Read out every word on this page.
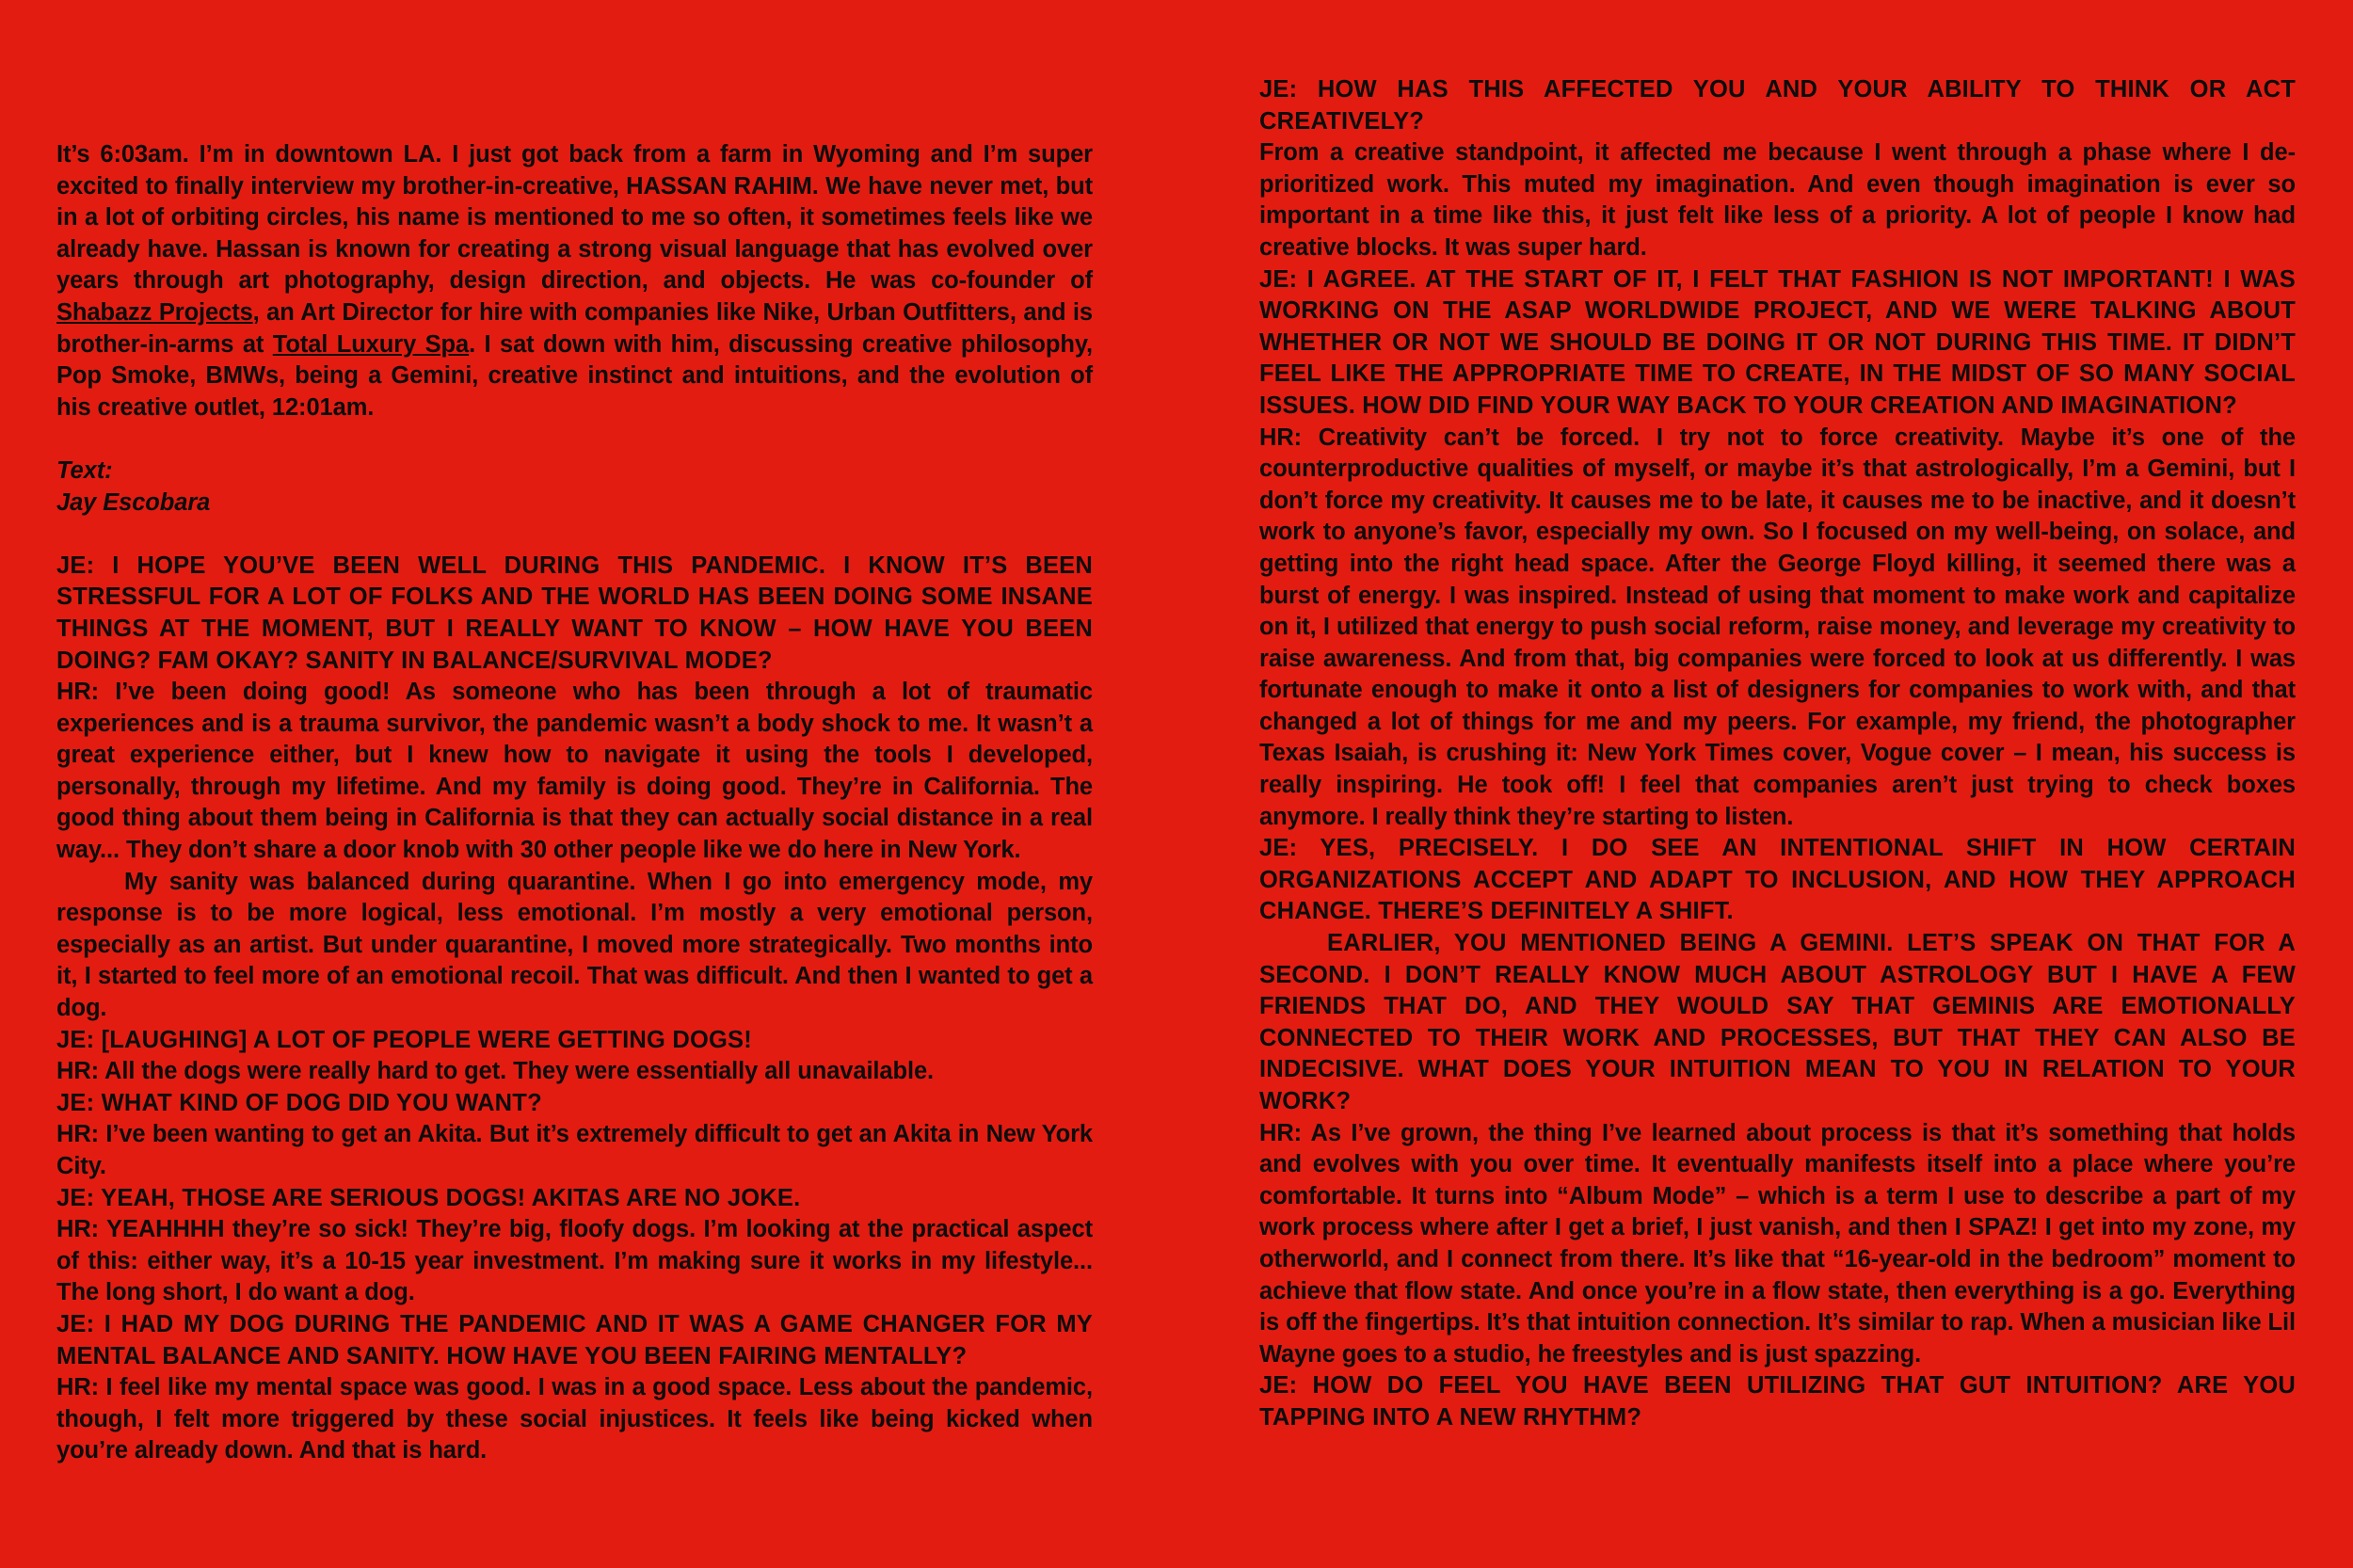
It’s 6:03am. I’m in downtown LA. I just got back from a farm in Wyoming and I’m super excited to finally interview my brother-in-creative, HASSAN RAHIM. We have never met, but in a lot of orbiting circles, his name is mentioned to me so often, it sometimes feels like we already have. Hassan is known for creating a strong visual language that has evolved over years through art photography, design direction, and objects. He was co-founder of Shabazz Projects, an Art Director for hire with companies like Nike, Urban Outfitters, and is brother-in-arms at Total Luxury Spa. I sat down with him, discussing creative philosophy, Pop Smoke, BMWs, being a Gemini, creative instinct and intuitions, and the evolution of his creative outlet, 12:01am.

Text:

Jay Escobara

JE: I HOPE YOU’VE BEEN WELL DURING THIS PANDEMIC. I KNOW IT’S BEEN STRESSFUL FOR A LOT OF FOLKS AND THE WORLD HAS BEEN DOING SOME INSANE THINGS AT THE MOMENT, BUT I REALLY WANT TO KNOW – HOW HAVE YOU BEEN DOING? FAM OKAY? SANITY IN BALANCE/SURVIVAL MODE?

HR: I’ve been doing good! As someone who has been through a lot of traumatic experiences and is a trauma survivor, the pandemic wasn’t a body shock to me. It wasn’t a great experience either, but I knew how to navigate it using the tools I developed, personally, through my lifetime. And my family is doing good. They’re in California. The good thing about them being in California is that they can actually social distance in a real way... They don’t share a door knob with 30 other people like we do here in New York.

My sanity was balanced during quarantine. When I go into emergency mode, my response is to be more logical, less emotional. I’m mostly a very emotional person, especially as an artist. But under quarantine, I moved more strategically. Two months into it, I started to feel more of an emotional recoil. That was difficult. And then I wanted to get a dog.

JE: [LAUGHING] A LOT OF PEOPLE WERE GETTING DOGS!

HR: All the dogs were really hard to get. They were essentially all unavailable.

JE: WHAT KIND OF DOG DID YOU WANT?

HR: I’ve been wanting to get an Akita. But it’s extremely difficult to get an Akita in New York City.

JE: YEAH, THOSE ARE SERIOUS DOGS! AKITAS ARE NO JOKE.

HR: YEAHHHH they’re so sick! They’re big, floofy dogs. I’m looking at the practical aspect of this: either way, it’s a 10-15 year investment. I’m making sure it works in my lifestyle... The long short, I do want a dog.

JE: I HAD MY DOG DURING THE PANDEMIC AND IT WAS A GAME CHANGER FOR MY MENTAL BALANCE AND SANITY. HOW HAVE YOU BEEN FAIRING MENTALLY?

HR: I feel like my mental space was good. I was in a good space. Less about the pandemic, though, I felt more triggered by these social injustices. It feels like being kicked when you’re already down. And that is hard.

JE: HOW HAS THIS AFFECTED YOU AND YOUR ABILITY TO THINK OR ACT CREATIVELY?

From a creative standpoint, it affected me because I went through a phase where I de-prioritized work. This muted my imagination. And even though imagination is ever so important in a time like this, it just felt like less of a priority. A lot of people I know had creative blocks. It was super hard.

JE: I AGREE. AT THE START OF IT, I FELT THAT FASHION IS NOT IMPORTANT! I WAS WORKING ON THE ASAP WORLDWIDE PROJECT, AND WE WERE TALKING ABOUT WHETHER OR NOT WE SHOULD BE DOING IT OR NOT DURING THIS TIME. IT DIDN’T FEEL LIKE THE APPROPRIATE TIME TO CREATE, IN THE MIDST OF SO MANY SOCIAL ISSUES. HOW DID FIND YOUR WAY BACK TO YOUR CREATION AND IMAGINATION?

HR: Creativity can’t be forced. I try not to force creativity. Maybe it’s one of the counterproductive qualities of myself, or maybe it’s that astrologically, I’m a Gemini, but I don’t force my creativity. It causes me to be late, it causes me to be inactive, and it doesn’t work to anyone’s favor, especially my own. So I focused on my well-being, on solace, and getting into the right head space. After the George Floyd killing, it seemed there was a burst of energy. I was inspired. Instead of using that moment to make work and capitalize on it, I utilized that energy to push social reform, raise money, and leverage my creativity to raise awareness. And from that, big companies were forced to look at us differently. I was fortunate enough to make it onto a list of designers for companies to work with, and that changed a lot of things for me and my peers. For example, my friend, the photographer Texas Isaiah, is crushing it: New York Times cover, Vogue cover – I mean, his success is really inspiring. He took off! I feel that companies aren’t just trying to check boxes anymore. I really think they’re starting to listen.

JE: YES, PRECISELY. I DO SEE AN INTENTIONAL SHIFT IN HOW CERTAIN ORGANIZATIONS ACCEPT AND ADAPT TO INCLUSION, AND HOW THEY APPROACH CHANGE. THERE’S DEFINITELY A SHIFT.

EARLIER, YOU MENTIONED BEING A GEMINI. LET’S SPEAK ON THAT FOR A SECOND. I DON’T REALLY KNOW MUCH ABOUT ASTROLOGY BUT I HAVE A FEW FRIENDS THAT DO, AND THEY WOULD SAY THAT GEMINIS ARE EMOTIONALLY CONNECTED TO THEIR WORK AND PROCESSES, BUT THAT THEY CAN ALSO BE INDECISIVE. WHAT DOES YOUR INTUITION MEAN TO YOU IN RELATION TO YOUR WORK?

HR: As I’ve grown, the thing I’ve learned about process is that it’s something that holds and evolves with you over time. It eventually manifests itself into a place where you’re comfortable. It turns into “Album Mode” – which is a term I use to describe a part of my work process where after I get a brief, I just vanish, and then I SPAZ! I get into my zone, my otherworld, and I connect from there. It’s like that “16-year-old in the bedroom” moment to achieve that flow state. And once you’re in a flow state, then everything is a go. Everything is off the fingertips. It’s that intuition connection. It’s similar to rap. When a musician like Lil Wayne goes to a studio, he freestyles and is just spazzing.

JE: HOW DO FEEL YOU HAVE BEEN UTILIZING THAT GUT INTUITION? ARE YOU TAPPING INTO A NEW RHYTHM?
